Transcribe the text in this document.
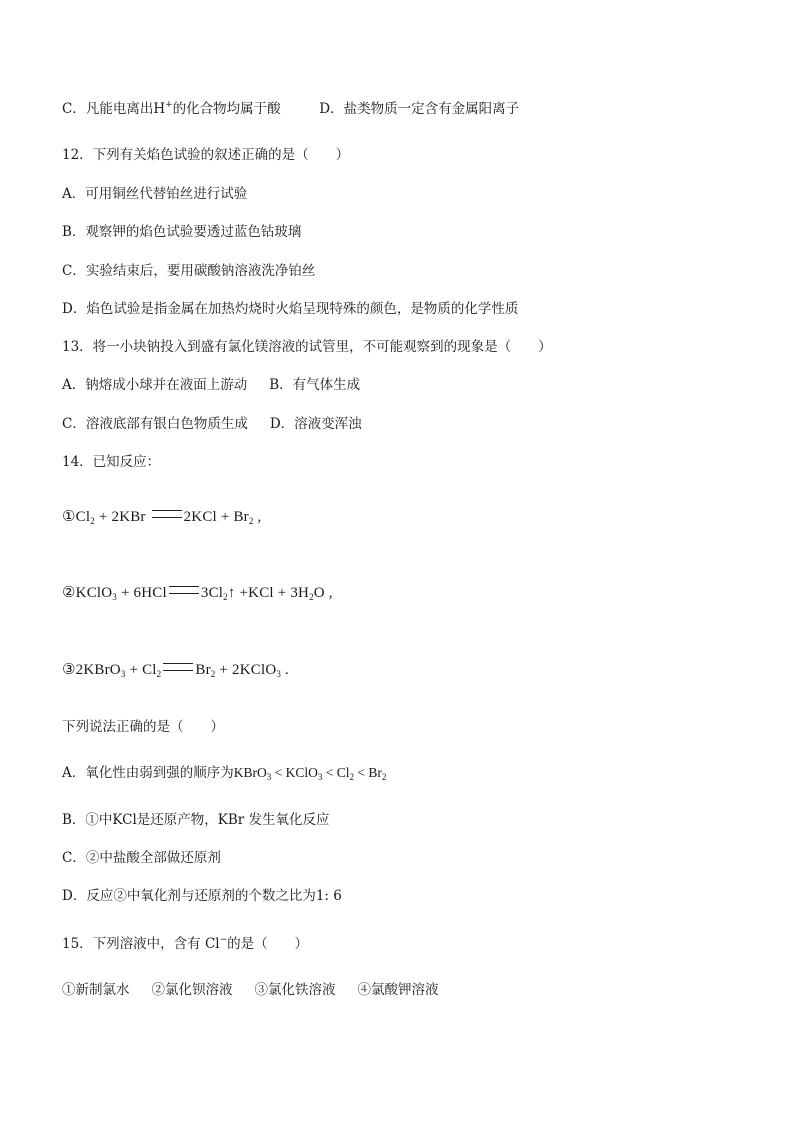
C．凡能电离出H+的化合物均属于酸	D．盐类物质一定含有金属阳离子
12．下列有关焰色试验的叙述正确的是（　　）
A．可用铜丝代替铂丝进行试验
B．观察钾的焰色试验要透过蓝色钴玻璃
C．实验结束后，要用碳酸钠溶液洗净铂丝
D．焰色试验是指金属在加热灼烧时火焰呈现特殊的颜色，是物质的化学性质
13．将一小块钠投入到盛有氯化镁溶液的试管里，不可能观察到的现象是（　　）
A．钠熔成小球并在液面上游动 B．有气体生成
C．溶液底部有银白色物质生成 D．溶液变浑浊
14．已知反应：
$①Cl_2 + 2KBr$ $2KCl + Br_2$ ,
②KClO$_3$ + 6HCl $3Cl_2↑ +KCl + 3H_2O$ ,
③2KBrO$_3$ + $Cl_2$ $Br_2$ + 2KClO$_3$ .
下列说法正确的是（　　）
A．氧化性由弱到强的顺序为KBrO$_3$ < KClO$_3$ < $Cl_2 < Br_2$
B．①中KCl是还原产物，KBr 发生氧化反应
C．②中盐酸全部做还原剂
D．反应②中氧化剂与还原剂的个数之比为1: 6
15．下列溶液中，含有 Cl−的是（　　）
①新制氯水 ②氯化钡溶液 ③氯化铁溶液 ④氯酸钾溶液
